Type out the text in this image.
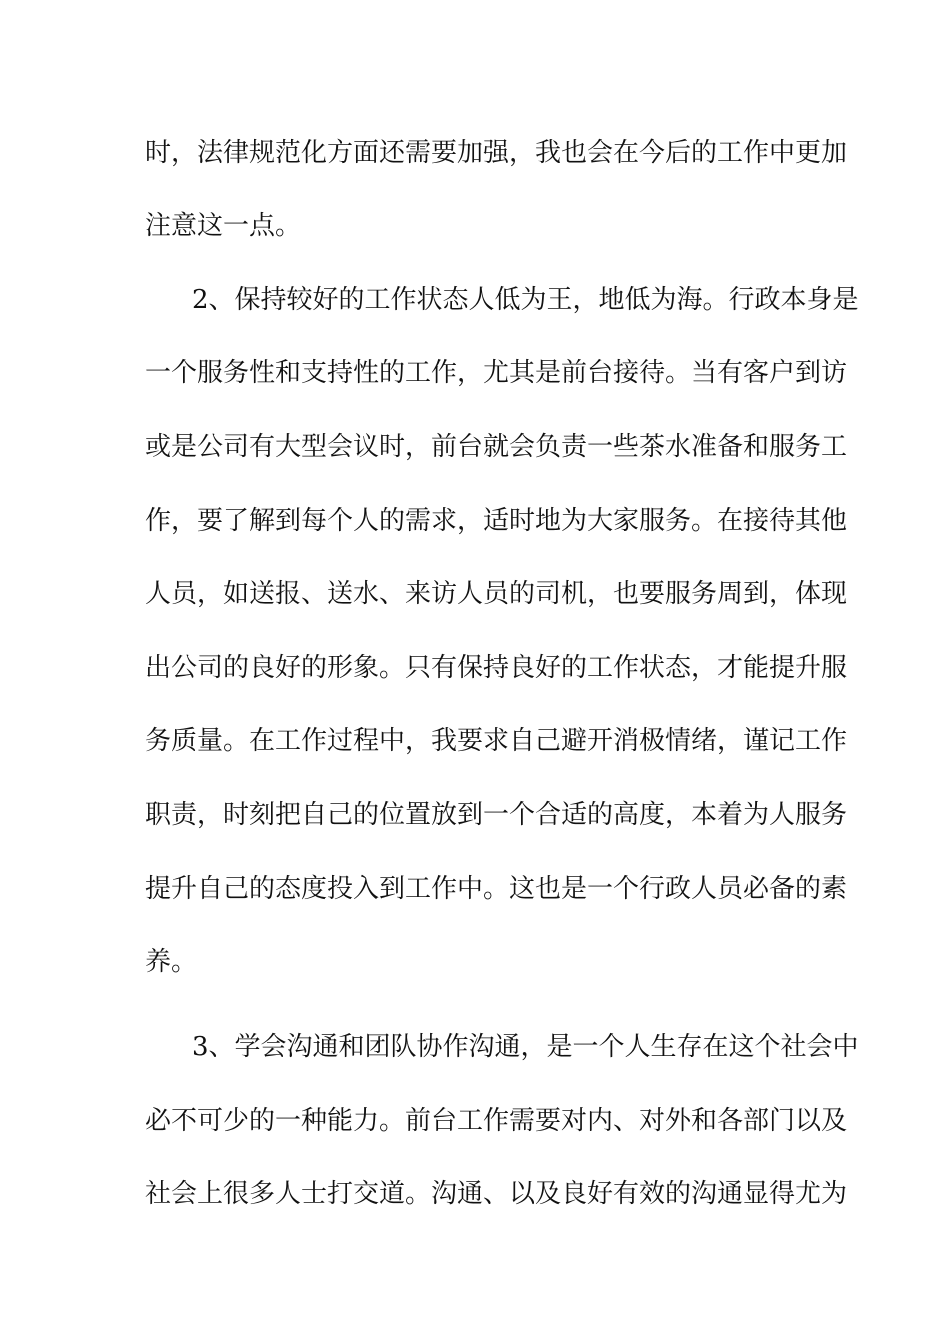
时，法律规范化方面还需要加强，我也会在今后的工作中更加
注意这一点。
2、保持较好的工作状态人低为王，地低为海。行政本身是
一个服务性和支持性的工作，尤其是前台接待。当有客户到访
或是公司有大型会议时，前台就会负责一些茶水准备和服务工
作，要了解到每个人的需求，适时地为大家服务。在接待其他
人员，如送报、送水、来访人员的司机，也要服务周到，体现
出公司的良好的形象。只有保持良好的工作状态，才能提升服
务质量。在工作过程中，我要求自己避开消极情绪，谨记工作
职责，时刻把自己的位置放到一个合适的高度，本着为人服务
提升自己的态度投入到工作中。这也是一个行政人员必备的素
养。
3、学会沟通和团队协作沟通，是一个人生存在这个社会中
必不可少的一种能力。前台工作需要对内、对外和各部门以及
社会上很多人士打交道。沟通、以及良好有效的沟通显得尤为
